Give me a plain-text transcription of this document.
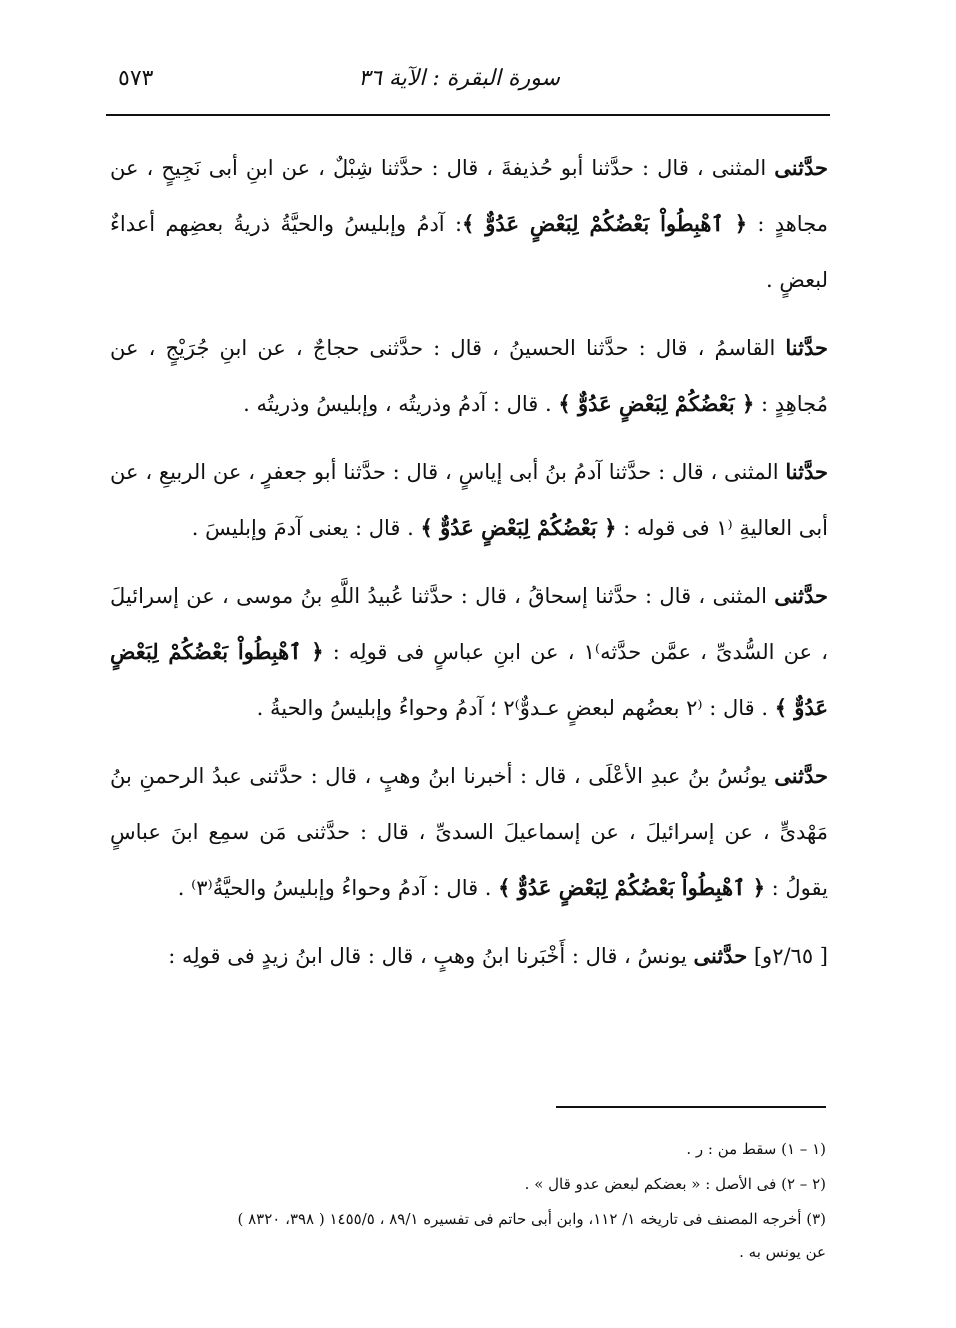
سورة البقرة : الآية ٣٦
٥٧٣

حدَّثنى المثنى ، قال : حدَّثنا أبو حُذيفةَ ، قال : حدَّثنا شِبْلٌ ، عن ابنِ أبى نَجِيحٍ ، عن مجاهدٍ : ﴿ ٱهْبِطُواْ بَعْضُكُمْ لِبَعْضٍ عَدُوٌّ ﴾: آدمُ وإبليسُ والحيَّةُ ذريةُ بعضِهم أعداءٌ لبعضٍ .

حدَّثنا القاسمُ ، قال : حدَّثنا الحسينُ ، قال : حدَّثنى حجاجٌ ، عن ابنِ جُرَيْجٍ ، عن مُجاهِدٍ : ﴿ بَعْضُكُمْ لِبَعْضٍ عَدُوٌّ ﴾ . قال : آدمُ وذريتُه ، وإبليسُ وذريتُه .

حدَّثنا المثنى ، قال : حدَّثنا آدمُ بنُ أبى إياسٍ ، قال : حدَّثنا أبو جعفرٍ ، عن الربيعِ ، عن أبى العاليةِ ⁽١ فى قوله : ﴿ بَعْضُكُمْ لِبَعْضٍ عَدُوٌّ ﴾ . قال : يعنى آدمَ وإبليسَ .

حدَّثنى المثنى ، قال : حدَّثنا إسحاقُ ، قال : حدَّثنا عُبيدُ اللَّهِ بنُ موسى ، عن إسرائيلَ ، عن السُّدىِّ ، عمَّن حدَّثه⁾١ ، عن ابنِ عباسٍ فى قولِه : ﴿ ٱهْبِطُواْ بَعْضُكُمْ لِبَعْضٍ عَدُوٌّ ﴾ . قال : ⁽٢ بعضُهم لبعضٍ عـدوٌّ⁾٢ ؛ آدمُ وحواءُ وإبليسُ والحيةُ .

حدَّثنى يونُسُ بنُ عبدِ الأعْلَى ، قال : أخبرنا ابنُ وهبٍ ، قال : حدَّثنى عبدُ الرحمنِ بنُ مَهْدىٍّ ، عن إسرائيلَ ، عن إسماعيلَ السدىِّ ، قال : حدَّثنى مَن سمِع ابنَ عباسٍ يقولُ : ﴿ ٱهْبِطُواْ بَعْضُكُمْ لِبَعْضٍ عَدُوٌّ ﴾ . قال : آدمُ وحواءُ وإبليسُ والحيَّةُ⁽٣⁾ .

[ ٢/٦٥و] حدَّثنى يونسُ ، قال : أَخْبَرنا ابنُ وهبٍ ، قال : قال ابنُ زيدٍ فى قولِه :

(١ – ١) سقط من : ر .

(٢ – ٢) فى الأصل : « بعضكم لبعض عدو قال » .

(٣) أخرجه المصنف فى تاريخه ١/ ١١٢، وابن أبى حاتم فى تفسيره ٨٩/١ ، ١٤٥٥/٥ ( ٣٩٨، ٨٣٢٠ )

عن يونس به .
